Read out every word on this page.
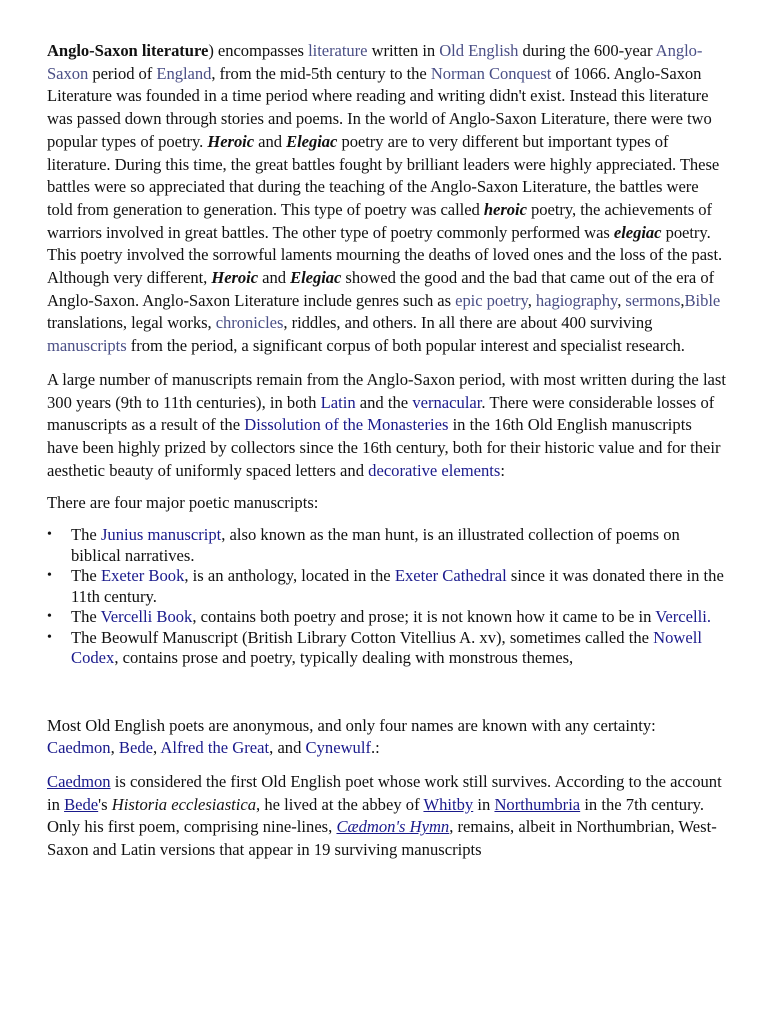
Anglo-Saxon literature) encompasses literature written in Old English during the 600-year Anglo-Saxon period of England, from the mid-5th century to the Norman Conquest of 1066. Anglo-Saxon Literature was founded in a time period where reading and writing didn't exist. Instead this literature was passed down through stories and poems. In the world of Anglo-Saxon Literature, there were two popular types of poetry. Heroic and Elegiac poetry are to very different but important types of literature. During this time, the great battles fought by brilliant leaders were highly appreciated. These battles were so appreciated that during the teaching of the Anglo-Saxon Literature, the battles were told from generation to generation. This type of poetry was called heroic poetry, the achievements of warriors involved in great battles. The other type of poetry commonly performed was elegiac poetry. This poetry involved the sorrowful laments mourning the deaths of loved ones and the loss of the past. Although very different, Heroic and Elegiac showed the good and the bad that came out of the era of Anglo-Saxon. Anglo-Saxon Literature include genres such as epic poetry, hagiography, sermons,Bible translations, legal works, chronicles, riddles, and others. In all there are about 400 surviving manuscripts from the period, a significant corpus of both popular interest and specialist research.

A large number of manuscripts remain from the Anglo-Saxon period, with most written during the last 300 years (9th to 11th centuries), in both Latin and the vernacular. There were considerable losses of manuscripts as a result of the Dissolution of the Monasteries in the 16th Old English manuscripts have been highly prized by collectors since the 16th century, both for their historic value and for their aesthetic beauty of uniformly spaced letters and decorative elements:

There are four major poetic manuscripts:

• The Junius manuscript, also known as the man hunt, is an illustrated collection of poems on biblical narratives.
• The Exeter Book, is an anthology, located in the Exeter Cathedral since it was donated there in the 11th century.
• The Vercelli Book, contains both poetry and prose; it is not known how it came to be in Vercelli.
• The Beowulf Manuscript (British Library Cotton Vitellius A. xv), sometimes called the Nowell Codex, contains prose and poetry, typically dealing with monstrous themes,

Most Old English poets are anonymous, and only four names are known with any certainty: Caedmon, Bede, Alfred the Great, and Cynewulf.:

Caedmon is considered the first Old English poet whose work still survives. According to the account in Bede's Historia ecclesiastica, he lived at the abbey of Whitby in Northumbria in the 7th century. Only his first poem, comprising nine-lines, Cædmon's Hymn, remains, albeit in Northumbrian, West-Saxon and Latin versions that appear in 19 surviving manuscripts
